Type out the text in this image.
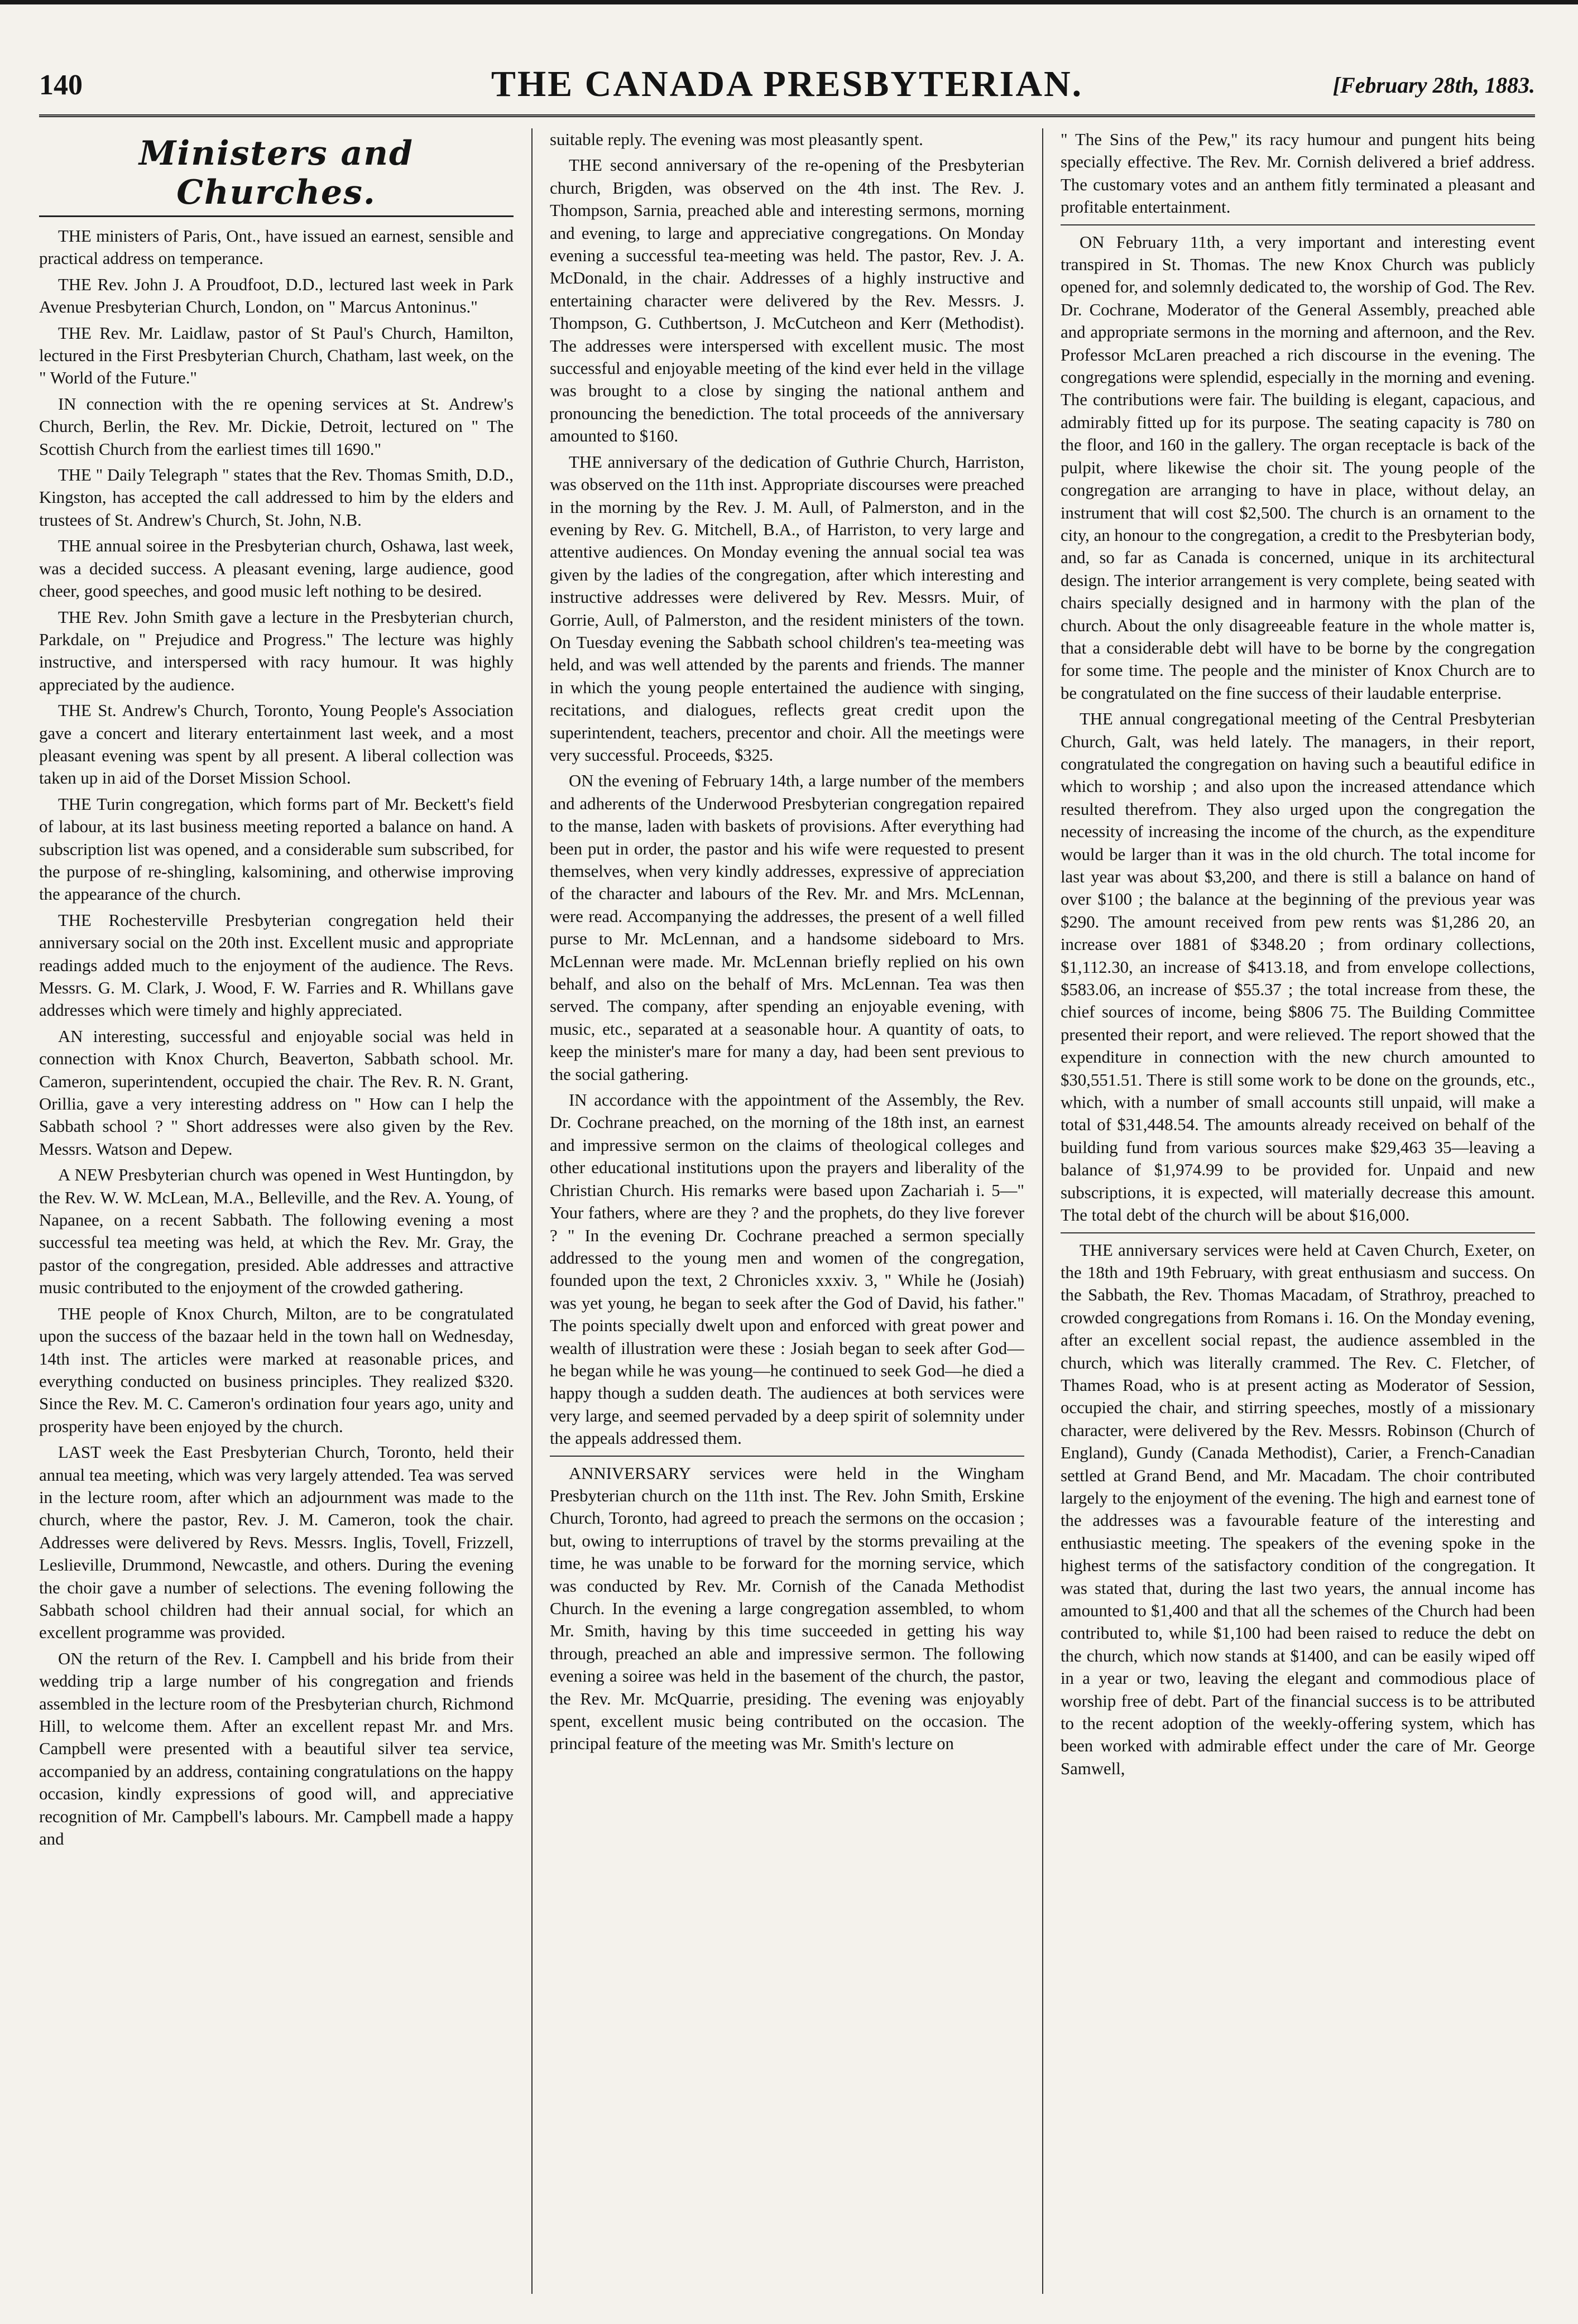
140	THE CANADA PRESBYTERIAN.	[February 28th, 1883.
Ministers and Churches.

THE ministers of Paris, Ont., have issued an earnest, sensible and practical address on temperance.

THE Rev. John J. A Proudfoot, D.D., lectured last week in Park Avenue Presbyterian Church, London, on " Marcus Antoninus."

THE Rev. Mr. Laidlaw, pastor of St Paul's Church, Hamilton, lectured in the First Presbyterian Church, Chatham, last week, on the " World of the Future."

IN connection with the re opening services at St. Andrew's Church, Berlin, the Rev. Mr. Dickie, Detroit, lectured on " The Scottish Church from the earliest times till 1690."

THE " Daily Telegraph " states that the Rev. Thomas Smith, D.D., Kingston, has accepted the call addressed to him by the elders and trustees of St. Andrew's Church, St. John, N.B.

THE annual soiree in the Presbyterian church, Oshawa, last week, was a decided success. A pleasant evening, large audience, good cheer, good speeches, and good music left nothing to be desired.

THE Rev. John Smith gave a lecture in the Presbyterian church, Parkdale, on " Prejudice and Progress." The lecture was highly instructive, and interspersed with racy humour. It was highly appreciated by the audience.

THE St. Andrew's Church, Toronto, Young People's Association gave a concert and literary entertainment last week, and a most pleasant evening was spent by all present. A liberal collection was taken up in aid of the Dorset Mission School.

THE Turin congregation, which forms part of Mr. Beckett's field of labour, at its last business meeting reported a balance on hand. A subscription list was opened, and a considerable sum subscribed, for the purpose of re-shingling, kalsomining, and otherwise improving the appearance of the church.

THE Rochesterville Presbyterian congregation held their anniversary social on the 20th inst. Excellent music and appropriate readings added much to the enjoyment of the audience. The Revs. Messrs. G. M. Clark, J. Wood, F. W. Farries and R. Whillans gave addresses which were timely and highly appreciated.

AN interesting, successful and enjoyable social was held in connection with Knox Church, Beaverton, Sabbath school. Mr. Cameron, superintendent, occupied the chair. The Rev. R. N. Grant, Orillia, gave a very interesting address on " How can I help the Sabbath school ? " Short addresses were also given by the Rev. Messrs. Watson and Depew.

A NEW Presbyterian church was opened in West Huntingdon, by the Rev. W. W. McLean, M.A., Belleville, and the Rev. A. Young, of Napanee, on a recent Sabbath. The following evening a most successful tea meeting was held, at which the Rev. Mr. Gray, the pastor of the congregation, presided. Able addresses and attractive music contributed to the enjoyment of the crowded gathering.

THE people of Knox Church, Milton, are to be congratulated upon the success of the bazaar held in the town hall on Wednesday, 14th inst. The articles were marked at reasonable prices, and everything conducted on business principles. They realized $320. Since the Rev. M. C. Cameron's ordination four years ago, unity and prosperity have been enjoyed by the church.

LAST week the East Presbyterian Church, Toronto, held their annual tea meeting, which was very largely attended. Tea was served in the lecture room, after which an adjournment was made to the church, where the pastor, Rev. J. M. Cameron, took the chair. Addresses were delivered by Revs. Messrs. Inglis, Tovell, Frizzell, Leslieville, Drummond, Newcastle, and others. During the evening the choir gave a number of selections. The evening following the Sabbath school children had their annual social, for which an excellent programme was provided.

ON the return of the Rev. I. Campbell and his bride from their wedding trip a large number of his congregation and friends assembled in the lecture room of the Presbyterian church, Richmond Hill, to welcome them. After an excellent repast Mr. and Mrs. Campbell were presented with a beautiful silver tea service, accompanied by an address, containing congratulations on the happy occasion, kindly expressions of good will, and appreciative recognition of Mr. Campbell's labours. Mr. Campbell made a happy and

suitable reply. The evening was most pleasantly spent.

THE second anniversary of the re-opening of the Presbyterian church, Brigden, was observed on the 4th inst. The Rev. J. Thompson, Sarnia, preached able and interesting sermons, morning and evening, to large and appreciative congregations. On Monday evening a successful tea-meeting was held. The pastor, Rev. J. A. McDonald, in the chair. Addresses of a highly instructive and entertaining character were delivered by the Rev. Messrs. J. Thompson, G. Cuthbertson, J. McCutcheon and Kerr (Methodist). The addresses were interspersed with excellent music. The most successful and enjoyable meeting of the kind ever held in the village was brought to a close by singing the national anthem and pronouncing the benediction. The total proceeds of the anniversary amounted to $160.

THE anniversary of the dedication of Guthrie Church, Harriston, was observed on the 11th inst. Appropriate discourses were preached in the morning by the Rev. J. M. Aull, of Palmerston, and in the evening by Rev. G. Mitchell, B.A., of Harriston, to very large and attentive audiences. On Monday evening the annual social tea was given by the ladies of the congregation, after which interesting and instructive addresses were delivered by Rev. Messrs. Muir, of Gorrie, Aull, of Palmerston, and the resident ministers of the town. On Tuesday evening the Sabbath school children's tea-meeting was held, and was well attended by the parents and friends. The manner in which the young people entertained the audience with singing, recitations, and dialogues, reflects great credit upon the superintendent, teachers, precentor and choir. All the meetings were very successful. Proceeds, $325.

ON the evening of February 14th, a large number of the members and adherents of the Underwood Presbyterian congregation repaired to the manse, laden with baskets of provisions. After everything had been put in order, the pastor and his wife were requested to present themselves, when very kindly addresses, expressive of appreciation of the character and labours of the Rev. Mr. and Mrs. McLennan, were read. Accompanying the addresses, the present of a well filled purse to Mr. McLennan, and a handsome sideboard to Mrs. McLennan were made. Mr. McLennan briefly replied on his own behalf, and also on the behalf of Mrs. McLennan. Tea was then served. The company, after spending an enjoyable evening, with music, etc., separated at a seasonable hour. A quantity of oats, to keep the minister's mare for many a day, had been sent previous to the social gathering.

IN accordance with the appointment of the Assembly, the Rev. Dr. Cochrane preached, on the morning of the 18th inst, an earnest and impressive sermon on the claims of theological colleges and other educational institutions upon the prayers and liberality of the Christian Church. His remarks were based upon Zachariah i. 5—" Your fathers, where are they ? and the prophets, do they live forever ? " In the evening Dr. Cochrane preached a sermon specially addressed to the young men and women of the congregation, founded upon the text, 2 Chronicles xxxiv. 3, " While he (Josiah) was yet young, he began to seek after the God of David, his father." The points specially dwelt upon and enforced with great power and wealth of illustration were these : Josiah began to seek after God—he began while he was young—he continued to seek God—he died a happy though a sudden death. The audiences at both services were very large, and seemed pervaded by a deep spirit of solemnity under the appeals addressed them.

ANNIVERSARY services were held in the Wingham Presbyterian church on the 11th inst. The Rev. John Smith, Erskine Church, Toronto, had agreed to preach the sermons on the occasion ; but, owing to interruptions of travel by the storms prevailing at the time, he was unable to be forward for the morning service, which was conducted by Rev. Mr. Cornish of the Canada Methodist Church. In the evening a large congregation assembled, to whom Mr. Smith, having by this time succeeded in getting his way through, preached an able and impressive sermon. The following evening a soiree was held in the basement of the church, the pastor, the Rev. Mr. McQuarrie, presiding. The evening was enjoyably spent, excellent music being contributed on the occasion. The principal feature of the meeting was Mr. Smith's lecture on

" The Sins of the Pew," its racy humour and pungent hits being specially effective. The Rev. Mr. Cornish delivered a brief address. The customary votes and an anthem fitly terminated a pleasant and profitable entertainment.

ON February 11th, a very important and interesting event transpired in St. Thomas. The new Knox Church was publicly opened for, and solemnly dedicated to, the worship of God. The Rev. Dr. Cochrane, Moderator of the General Assembly, preached able and appropriate sermons in the morning and afternoon, and the Rev. Professor McLaren preached a rich discourse in the evening. The congregations were splendid, especially in the morning and evening. The contributions were fair. The building is elegant, capacious, and admirably fitted up for its purpose. The seating capacity is 780 on the floor, and 160 in the gallery. The organ receptacle is back of the pulpit, where likewise the choir sit. The young people of the congregation are arranging to have in place, without delay, an instrument that will cost $2,500. The church is an ornament to the city, an honour to the congregation, a credit to the Presbyterian body, and, so far as Canada is concerned, unique in its architectural design. The interior arrangement is very complete, being seated with chairs specially designed and in harmony with the plan of the church. About the only disagreeable feature in the whole matter is, that a considerable debt will have to be borne by the congregation for some time. The people and the minister of Knox Church are to be congratulated on the fine success of their laudable enterprise.

THE annual congregational meeting of the Central Presbyterian Church, Galt, was held lately. The managers, in their report, congratulated the congregation on having such a beautiful edifice in which to worship ; and also upon the increased attendance which resulted therefrom. They also urged upon the congregation the necessity of increasing the income of the church, as the expenditure would be larger than it was in the old church. The total income for last year was about $3,200, and there is still a balance on hand of over $100 ; the balance at the beginning of the previous year was $290. The amount received from pew rents was $1,286 20, an increase over 1881 of $348.20 ; from ordinary collections, $1,112.30, an increase of $413.18, and from envelope collections, $583.06, an increase of $55.37 ; the total increase from these, the chief sources of income, being $806 75. The Building Committee presented their report, and were relieved. The report showed that the expenditure in connection with the new church amounted to $30,551.51. There is still some work to be done on the grounds, etc., which, with a number of small accounts still unpaid, will make a total of $31,448.54. The amounts already received on behalf of the building fund from various sources make $29,463 35—leaving a balance of $1,974.99 to be provided for. Unpaid and new subscriptions, it is expected, will materially decrease this amount. The total debt of the church will be about $16,000.

THE anniversary services were held at Caven Church, Exeter, on the 18th and 19th February, with great enthusiasm and success. On the Sabbath, the Rev. Thomas Macadam, of Strathroy, preached to crowded congregations from Romans i. 16. On the Monday evening, after an excellent social repast, the audience assembled in the church, which was literally crammed. The Rev. C. Fletcher, of Thames Road, who is at present acting as Moderator of Session, occupied the chair, and stirring speeches, mostly of a missionary character, were delivered by the Rev. Messrs. Robinson (Church of England), Gundy (Canada Methodist), Carier, a French-Canadian settled at Grand Bend, and Mr. Macadam. The choir contributed largely to the enjoyment of the evening. The high and earnest tone of the addresses was a favourable feature of the interesting and enthusiastic meeting. The speakers of the evening spoke in the highest terms of the satisfactory condition of the congregation. It was stated that, during the last two years, the annual income has amounted to $1,400 and that all the schemes of the Church had been contributed to, while $1,100 had been raised to reduce the debt on the church, which now stands at $1400, and can be easily wiped off in a year or two, leaving the elegant and commodious place of worship free of debt. Part of the financial success is to be attributed to the recent adoption of the weekly-offering system, which has been worked with admirable effect under the care of Mr. George Samwell,
